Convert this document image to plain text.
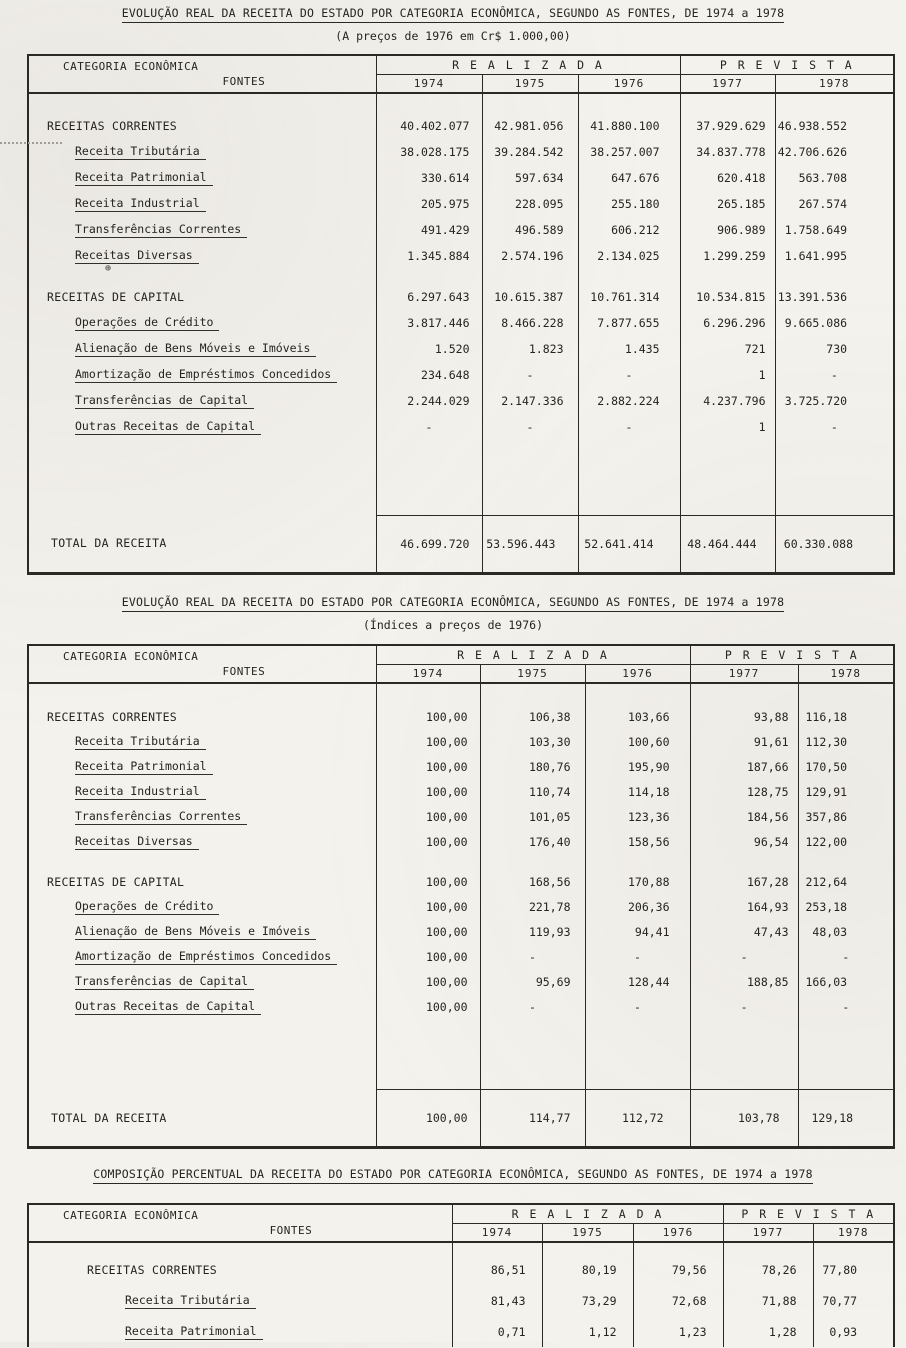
⊕
EVOLUÇÃO REAL DA RECEITA DO ESTADO POR CATEGORIA ECONÔMICA, SEGUNDO AS FONTES, DE 1974 a 1978
(A preços de 1976 em Cr$ 1.000,00)
CATEGORIA ECONÔMICA
FONTES	R E A L I Z A D A			P R E V I S T A	
	1974	1975	1976	1977	1978

RECEITAS CORRENTES	40.402.077	42.981.056	41.880.100	37.929.629	46.938.552
Receita Tributária	38.028.175	39.284.542	38.257.007	34.837.778	42.706.626
Receita Patrimonial	330.614	597.634	647.676	620.418	563.708
Receita Industrial	205.975	228.095	255.180	265.185	267.574
Transferências Correntes	491.429	496.589	606.212	906.989	1.758.649
Receitas Diversas	1.345.884	2.574.196	2.134.025	1.299.259	1.641.995

RECEITAS DE CAPITAL	6.297.643	10.615.387	10.761.314	10.534.815	13.391.536
Operações de Crédito	3.817.446	8.466.228	7.877.655	6.296.296	9.665.086
Alienação de Bens Móveis e Imóveis	1.520	1.823	1.435	721	730
Amortização de Empréstimos Concedidos	234.648	-	-	1	-
Transferências de Capital	2.244.029	2.147.336	2.882.224	4.237.796	3.725.720
Outras Receitas de Capital	-	-	-	1	-

TOTAL DA RECEITA	46.699.720	53.596.443	52.641.414	48.464.444	60.330.088
EVOLUÇÃO REAL DA RECEITA DO ESTADO POR CATEGORIA ECONÔMICA, SEGUNDO AS FONTES, DE 1974 a 1978
(Índices a preços de 1976)
CATEGORIA ECONÔMICA
FONTES	R E A L I Z A D A			P R E V I S T A	
	1974	1975	1976	1977	1978

RECEITAS CORRENTES	100,00	106,38	103,66	93,88	116,18
Receita Tributária	100,00	103,30	100,60	91,61	112,30
Receita Patrimonial	100,00	180,76	195,90	187,66	170,50
Receita Industrial	100,00	110,74	114,18	128,75	129,91
Transferências Correntes	100,00	101,05	123,36	184,56	357,86
Receitas Diversas	100,00	176,40	158,56	96,54	122,00

RECEITAS DE CAPITAL	100,00	168,56	170,88	167,28	212,64
Operações de Crédito	100,00	221,78	206,36	164,93	253,18
Alienação de Bens Móveis e Imóveis	100,00	119,93	94,41	47,43	48,03
Amortização de Empréstimos Concedidos	100,00	-	-	-	-
Transferências de Capital	100,00	95,69	128,44	188,85	166,03
Outras Receitas de Capital	100,00	-	-	-	-

TOTAL DA RECEITA	100,00	114,77	112,72	103,78	129,18
COMPOSIÇÃO PERCENTUAL DA RECEITA DO ESTADO POR CATEGORIA ECONÔMICA, SEGUNDO AS FONTES, DE 1974 a 1978
CATEGORIA ECONÔMICA
FONTES	R E A L I Z A D A			P R E V I S T A	
	1974	1975	1976	1977	1978

RECEITAS CORRENTES	86,51	80,19	79,56	78,26	77,80
Receita Tributária	81,43	73,29	72,68	71,88	70,77
Receita Patrimonial	0,71	1,12	1,23	1,28	0,93
